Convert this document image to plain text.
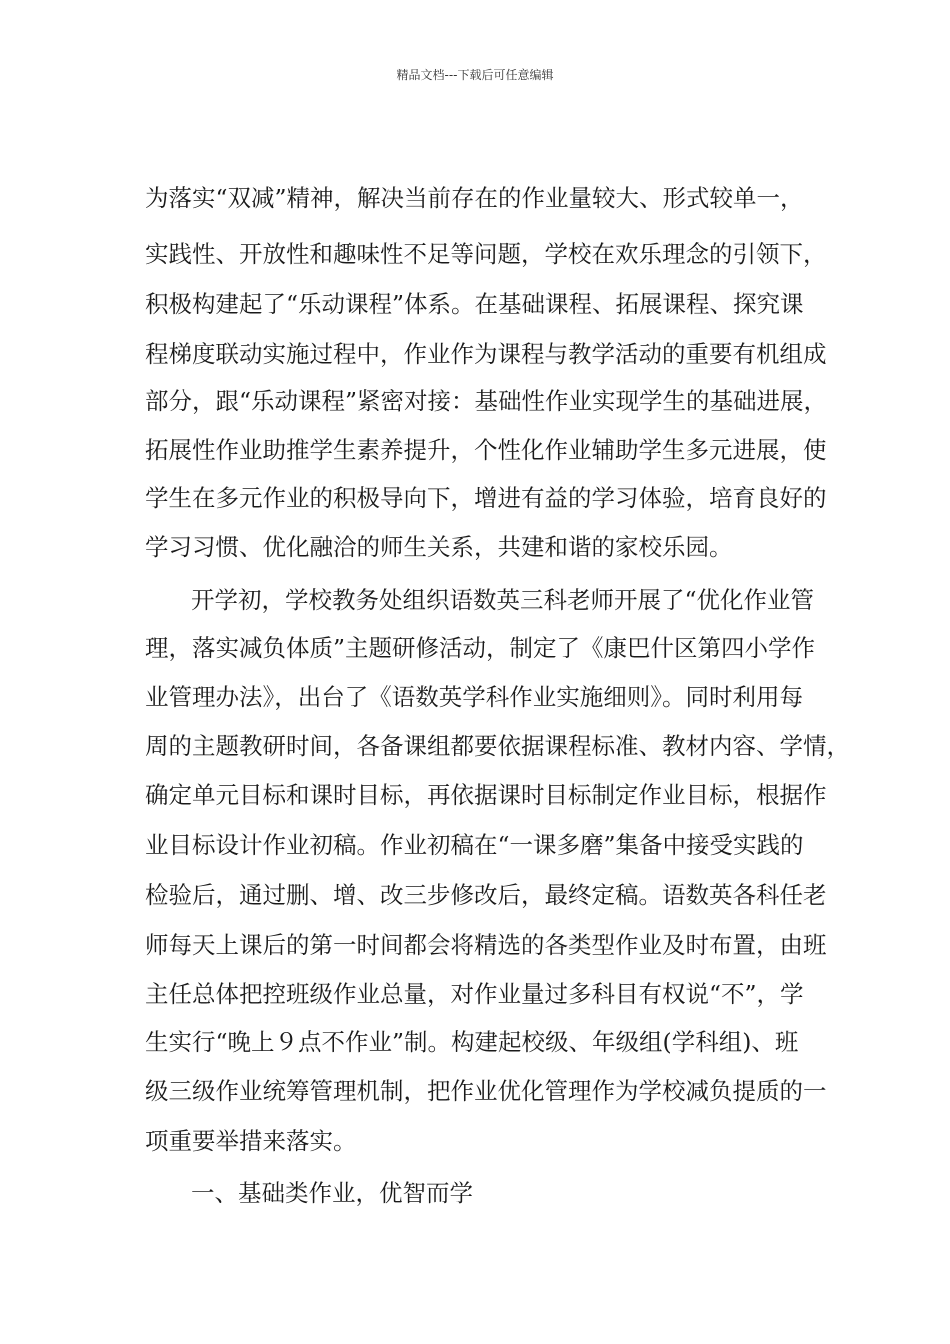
精品文档---下载后可任意编辑
为落实“双减”精神，解决当前存在的作业量较大、形式较单一，
实践性、开放性和趣味性不足等问题，学校在欢乐理念的引领下，
积极构建起了“乐动课程”体系。在基础课程、拓展课程、探究课
程梯度联动实施过程中，作业作为课程与教学活动的重要有机组成
部分，跟“乐动课程”紧密对接：基础性作业实现学生的基础进展，
拓展性作业助推学生素养提升，个性化作业辅助学生多元进展，使
学生在多元作业的积极导向下，增进有益的学习体验，培育良好的
学习习惯、优化融洽的师生关系，共建和谐的家校乐园。
开学初，学校教务处组织语数英三科老师开展了“优化作业管
理，落实减负体质”主题研修活动，制定了《康巴什区第四小学作
业管理办法》，出台了《语数英学科作业实施细则》。同时利用每
周的主题教研时间，各备课组都要依据课程标准、教材内容、学情，
确定单元目标和课时目标，再依据课时目标制定作业目标，根据作
业目标设计作业初稿。作业初稿在“一课多磨”集备中接受实践的
检验后，通过删、增、改三步修改后，最终定稿。语数英各科任老
师每天上课后的第一时间都会将精选的各类型作业及时布置，由班
主任总体把控班级作业总量，对作业量过多科目有权说“不”，学
生实行“晚上９点不作业”制。构建起校级、年级组(学科组)、班
级三级作业统筹管理机制，把作业优化管理作为学校减负提质的一
项重要举措来落实。
一、基础类作业，优智而学
